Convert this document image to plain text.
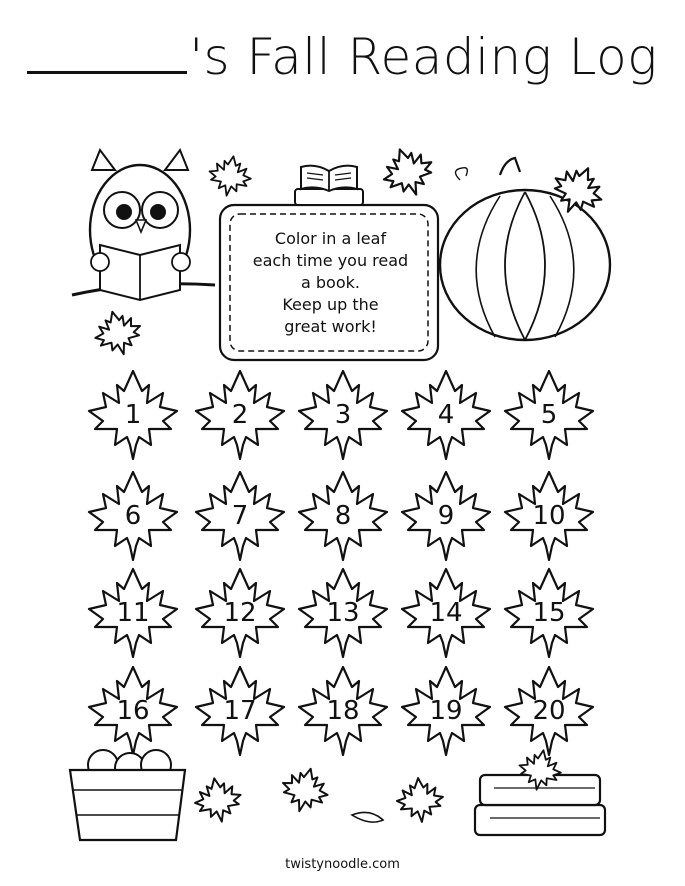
's Fall Reading Log
Color in a leaf
each time you read
a book.
Keep up the
great work!
1	2	3	4	5
6	7	8	9	10
11	12	13	14	15
16	17	18	19	20
twistynoodle.com
